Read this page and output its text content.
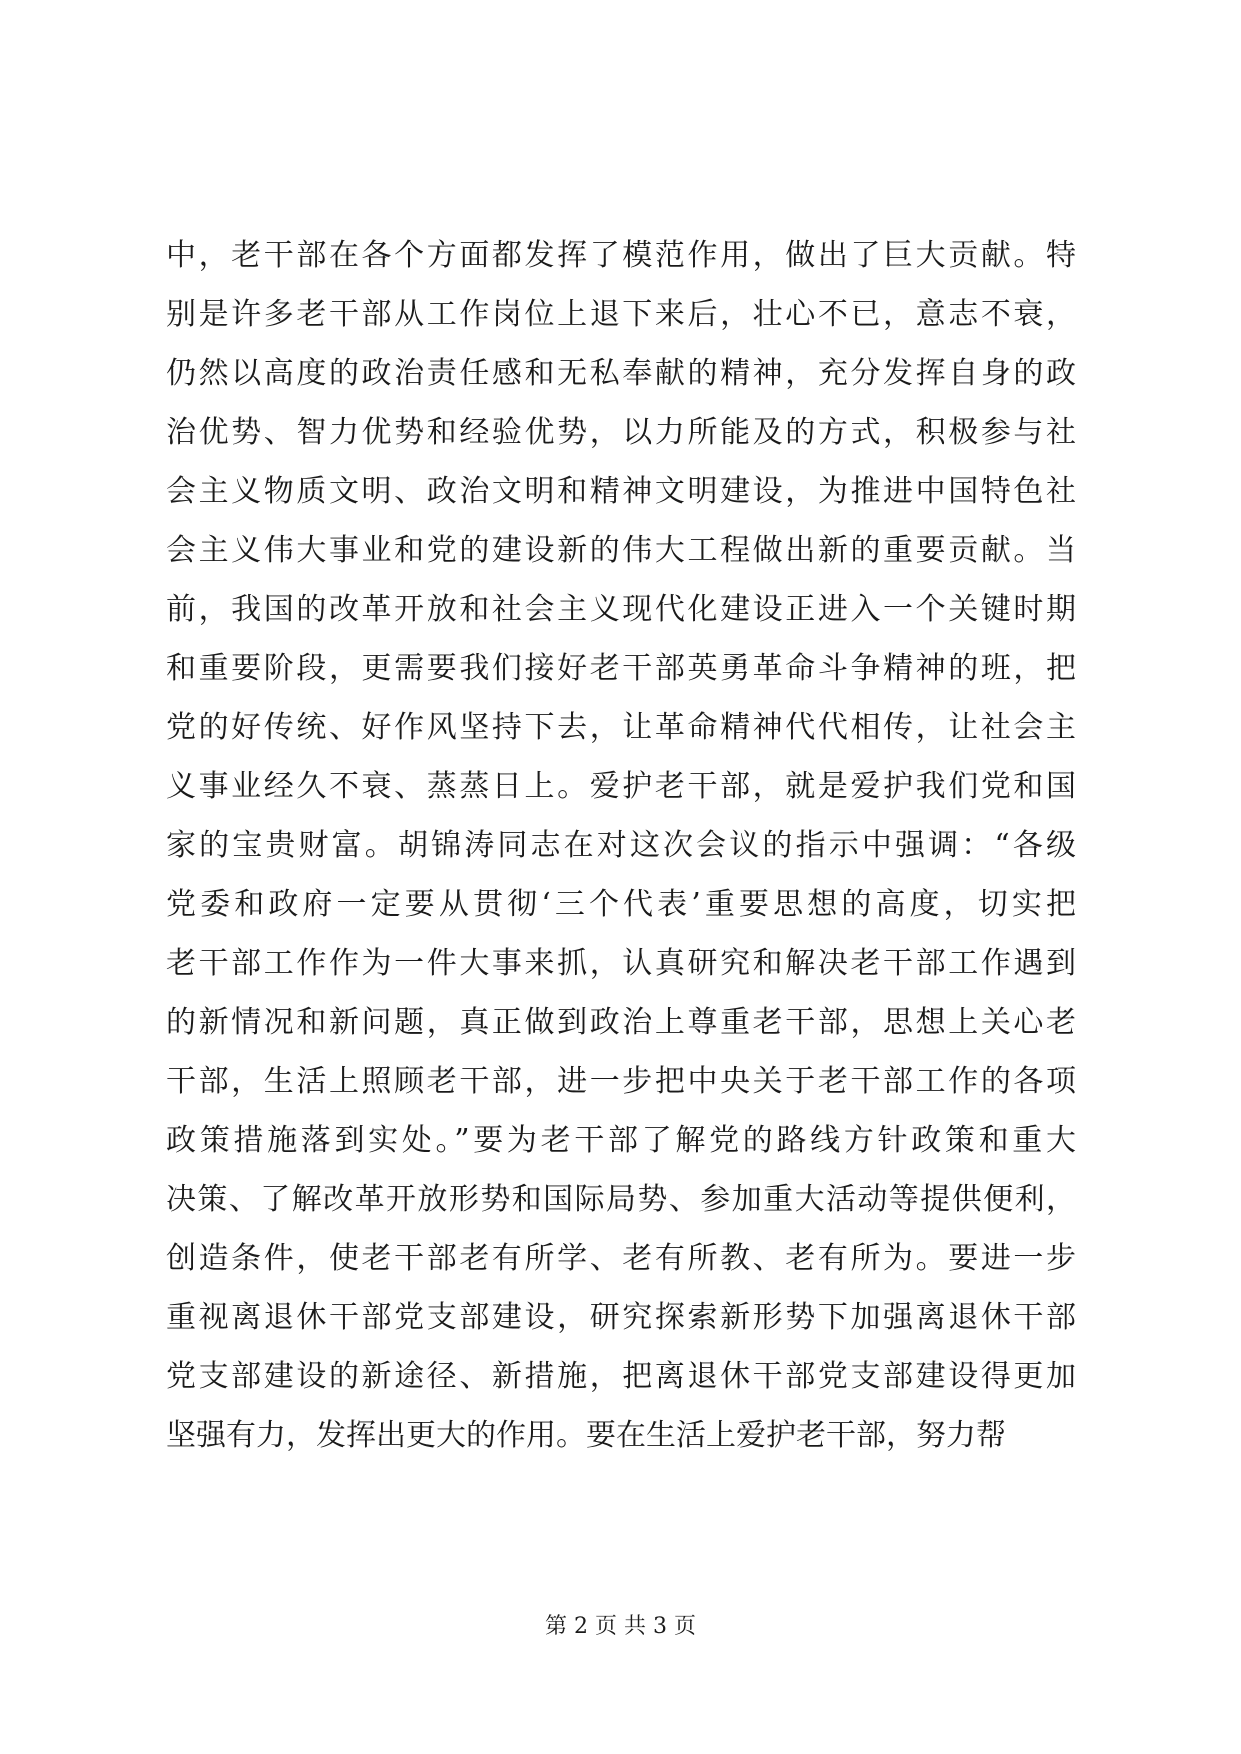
中，老干部在各个方面都发挥了模范作用，做出了巨大贡献。特
别是许多老干部从工作岗位上退下来后，壮心不已，意志不衰，
仍然以高度的政治责任感和无私奉献的精神，充分发挥自身的政
治优势、智力优势和经验优势，以力所能及的方式，积极参与社
会主义物质文明、政治文明和精神文明建设，为推进中国特色社
会主义伟大事业和党的建设新的伟大工程做出新的重要贡献。当
前，我国的改革开放和社会主义现代化建设正进入一个关键时期
和重要阶段，更需要我们接好老干部英勇革命斗争精神的班，把
党的好传统、好作风坚持下去，让革命精神代代相传，让社会主
义事业经久不衰、蒸蒸日上。爱护老干部，就是爱护我们党和国
家的宝贵财富。胡锦涛同志在对这次会议的指示中强调：“各级
党委和政府一定要从贯彻‘三个代表’重要思想的高度，切实把
老干部工作作为一件大事来抓，认真研究和解决老干部工作遇到
的新情况和新问题，真正做到政治上尊重老干部，思想上关心老
干部，生活上照顾老干部，进一步把中央关于老干部工作的各项
政策措施落到实处。”要为老干部了解党的路线方针政策和重大
决策、了解改革开放形势和国际局势、参加重大活动等提供便利，
创造条件，使老干部老有所学、老有所教、老有所为。要进一步
重视离退休干部党支部建设，研究探索新形势下加强离退休干部
党支部建设的新途径、新措施，把离退休干部党支部建设得更加
坚强有力，发挥出更大的作用。要在生活上爱护老干部，努力帮
第 2 页 共 3 页
